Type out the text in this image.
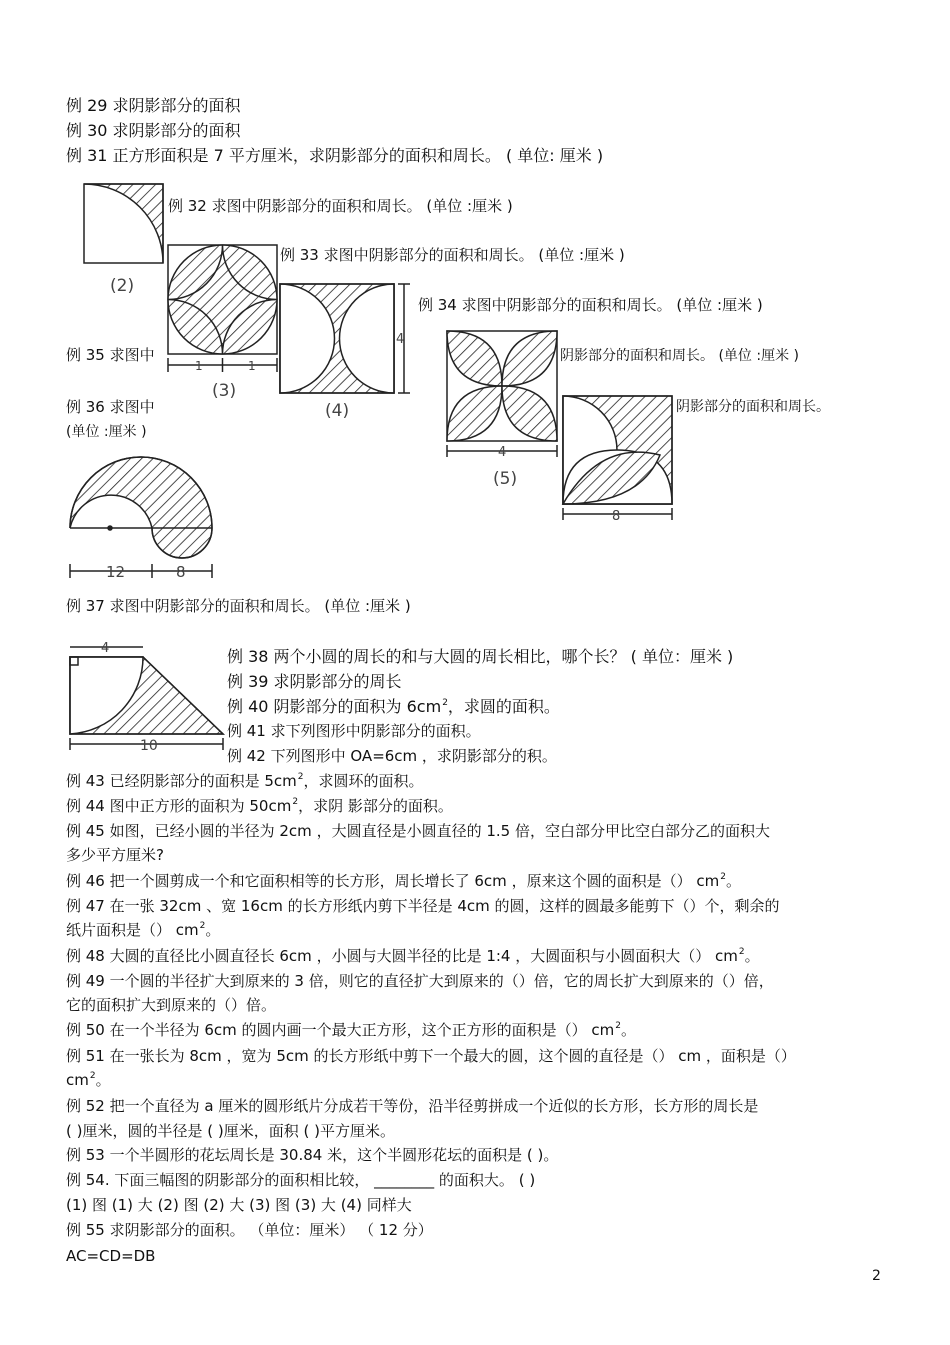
例 29 求阴影部分的面积
例 30 求阴影部分的面积
例 31 正方形面积是 7 平方厘米，求阴影部分的面积和周长。 ( 单位: 厘米 )
例 32 求图中阴影部分的面积和周长。 (单位 :厘米 )
例 33 求图中阴影部分的面积和周长。 (单位 :厘米 )
例 34 求图中阴影部分的面积和周长。 (单位 :厘米 )
例 35 求图中	阴影部分的面积和周长。 (单位 :厘米 )
例 36 求图中	阴影部分的面积和周长。
(单位 :厘米 )
例 37 求图中阴影部分的面积和周长。 (单位 :厘米 )
例 38 两个小圆的周长的和与大圆的周长相比，哪个长？ ( 单位：厘米 )
例 39 求阴影部分的周长
例 40 阴影部分的面积为 $6cm^2$，求圆的面积。
例 41 求下列图形中阴影部分的面积。
例 42 下列图形中 OA=6cm ，求阴影部分的积。
例 43 已经阴影部分的面积是 $5cm^2$，求圆环的面积。
例 44 图中正方形的面积为 $50cm^2$，求阴 影部分的面积。
例 45 如图，已经小圆的半径为 2cm ，大圆直径是小圆直径的 1.5 倍，空白部分甲比空白部分乙的面积大
多少平方厘米?
例 46 把一个圆剪成一个和它面积相等的长方形，周长增长了 6cm ，原来这个圆的面积是（） $cm^2$。
例 47 在一张 32cm 、宽 16cm 的长方形纸内剪下半径是 4cm 的圆，这样的圆最多能剪下（）个，剩余的
纸片面积是（） $cm^2$。
例 48 大圆的直径比小圆直径长 6cm ，小圆与大圆半径的比是 1:4 ，大圆面积与小圆面积大（） $cm^2$。
例 49 一个圆的半径扩大到原来的 3 倍，则它的直径扩大到原来的（）倍，它的周长扩大到原来的（）倍，
它的面积扩大到原来的（）倍。
例 50 在一个半径为 6cm 的圆内画一个最大正方形，这个正方形的面积是（） $cm^2$。
例 51 在一张长为 8cm ，宽为 5cm 的长方形纸中剪下一个最大的圆，这个圆的直径是（） cm ，面积是（）
$cm^2$。
例 52 把一个直径为 a 厘米的圆形纸片分成若干等份，沿半径剪拼成一个近似的长方形，长方形的周长是
( )厘米，圆的半径是 ( )厘米，面积 ( )平方厘米。
例 53 一个半圆形的花坛周长是 30.84 米，这个半圆形花坛的面积是 ( )。
例 54. 下面三幅图的阴影部分的面积相比较， ________ 的面积大。 ( )
(1) 图 (1) 大 (2) 图 (2) 大 (3) 图 (3) 大 (4) 同样大
例 55 求阴影部分的面积。 （单位：厘米） （ 12 分）
AC=CD=DB
2
(2)
1	1
(3)
4
(4)
4
(5)
8
12	8
4
10
